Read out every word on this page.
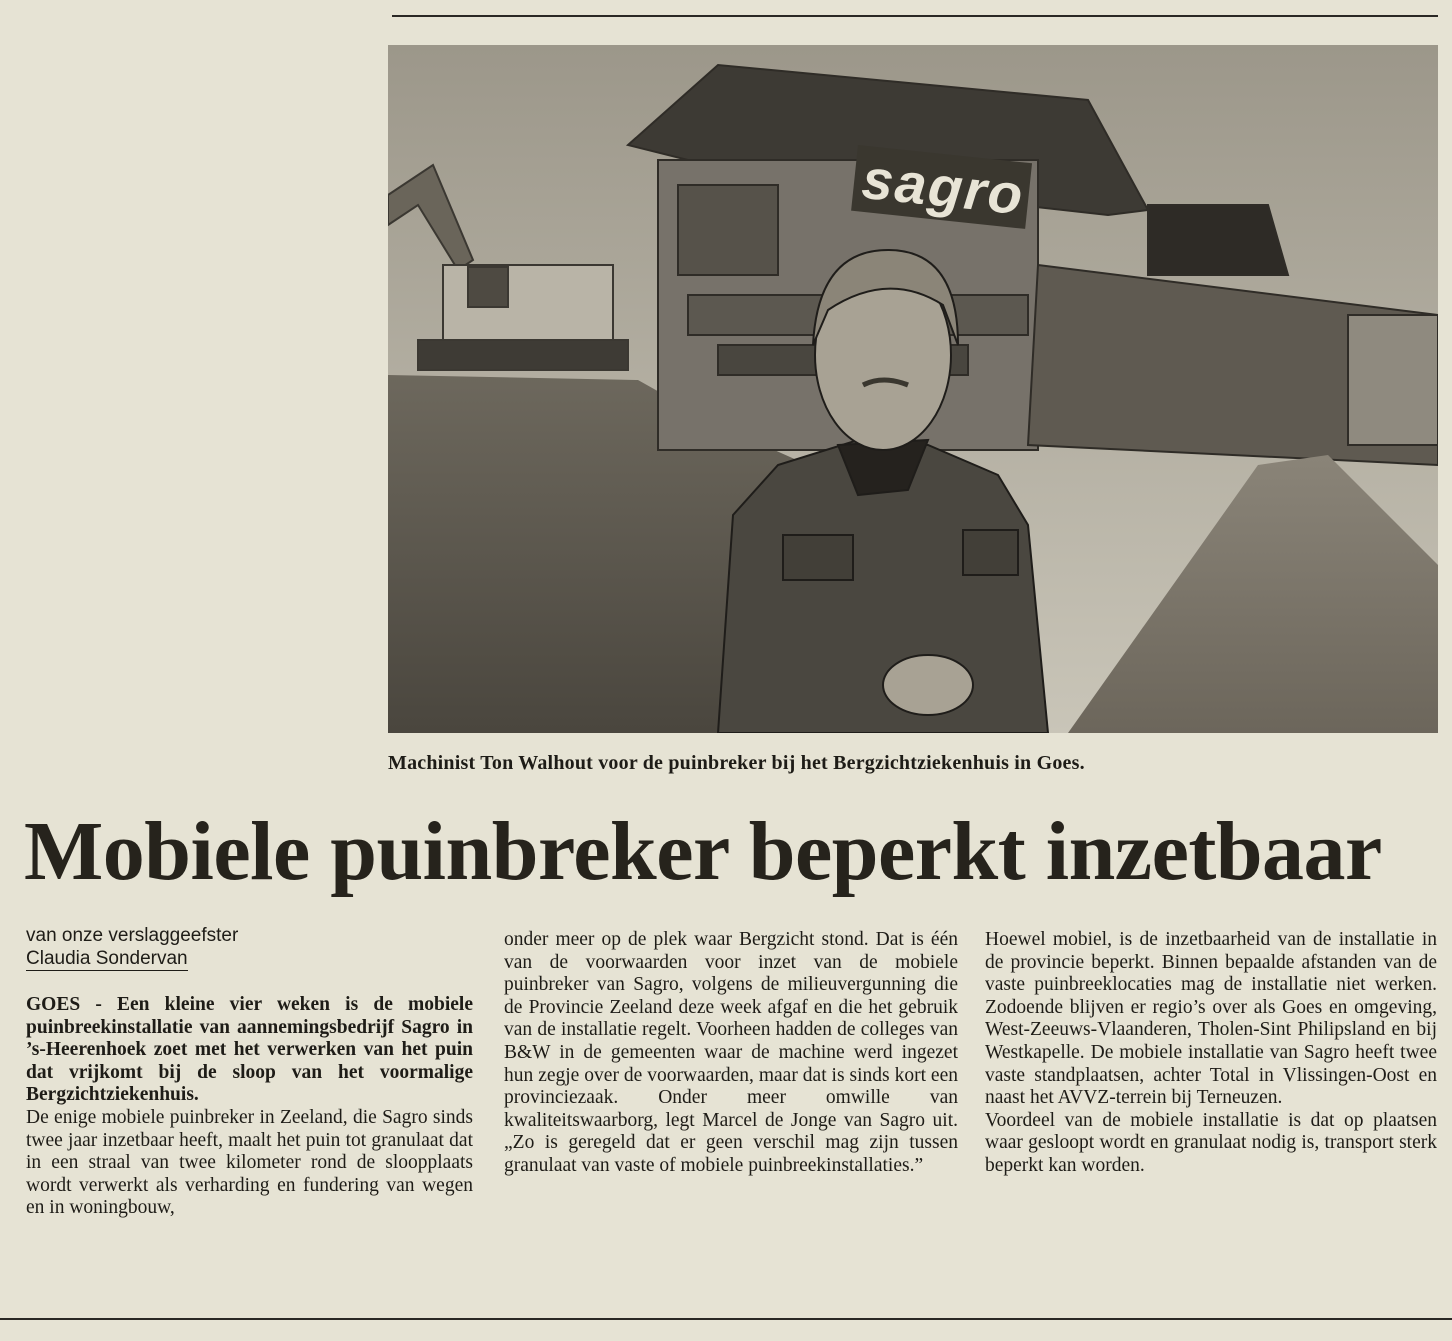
sagro
Machinist Ton Walhout voor de puinbreker bij het Bergzichtziekenhuis in Goes.
Mobiele puinbreker beperkt inzetbaar
van onze verslaggeefster
Claudia Sondervan

GOES - Een kleine vier weken is de mobiele puinbreekinstallatie van aannemingsbedrijf Sagro in ’s-Heerenhoek zoet met het verwerken van het puin dat vrijkomt bij de sloop van het voormalige Bergzichtziekenhuis.

De enige mobiele puinbreker in Zeeland, die Sagro sinds twee jaar inzetbaar heeft, maalt het puin tot granulaat dat in een straal van twee kilometer rond de sloopplaats wordt verwerkt als verharding en fundering van wegen en in woningbouw,

onder meer op de plek waar Bergzicht stond. Dat is één van de voorwaarden voor inzet van de mobiele puinbreker van Sagro, volgens de milieuvergunning die de Provincie Zeeland deze week afgaf en die het gebruik van de installatie regelt. Voorheen hadden de colleges van B&W in de gemeenten waar de machine werd ingezet hun zegje over de voorwaarden, maar dat is sinds kort een provinciezaak. Onder meer omwille van kwaliteitswaarborg, legt Marcel de Jonge van Sagro uit. „Zo is geregeld dat er geen verschil mag zijn tussen granulaat van vaste of mobiele puinbreekinstallaties.”

Hoewel mobiel, is de inzetbaarheid van de installatie in de provincie beperkt. Binnen bepaalde afstanden van de vaste puinbreeklocaties mag de installatie niet werken. Zodoende blijven er regio’s over als Goes en omgeving, West-Zeeuws-Vlaanderen, Tholen-Sint Philipsland en bij Westkapelle. De mobiele installatie van Sagro heeft twee vaste standplaatsen, achter Total in Vlissingen-Oost en naast het AVVZ-terrein bij Terneuzen.

Voordeel van de mobiele installatie is dat op plaatsen waar gesloopt wordt en granulaat nodig is, transport sterk beperkt kan worden.
